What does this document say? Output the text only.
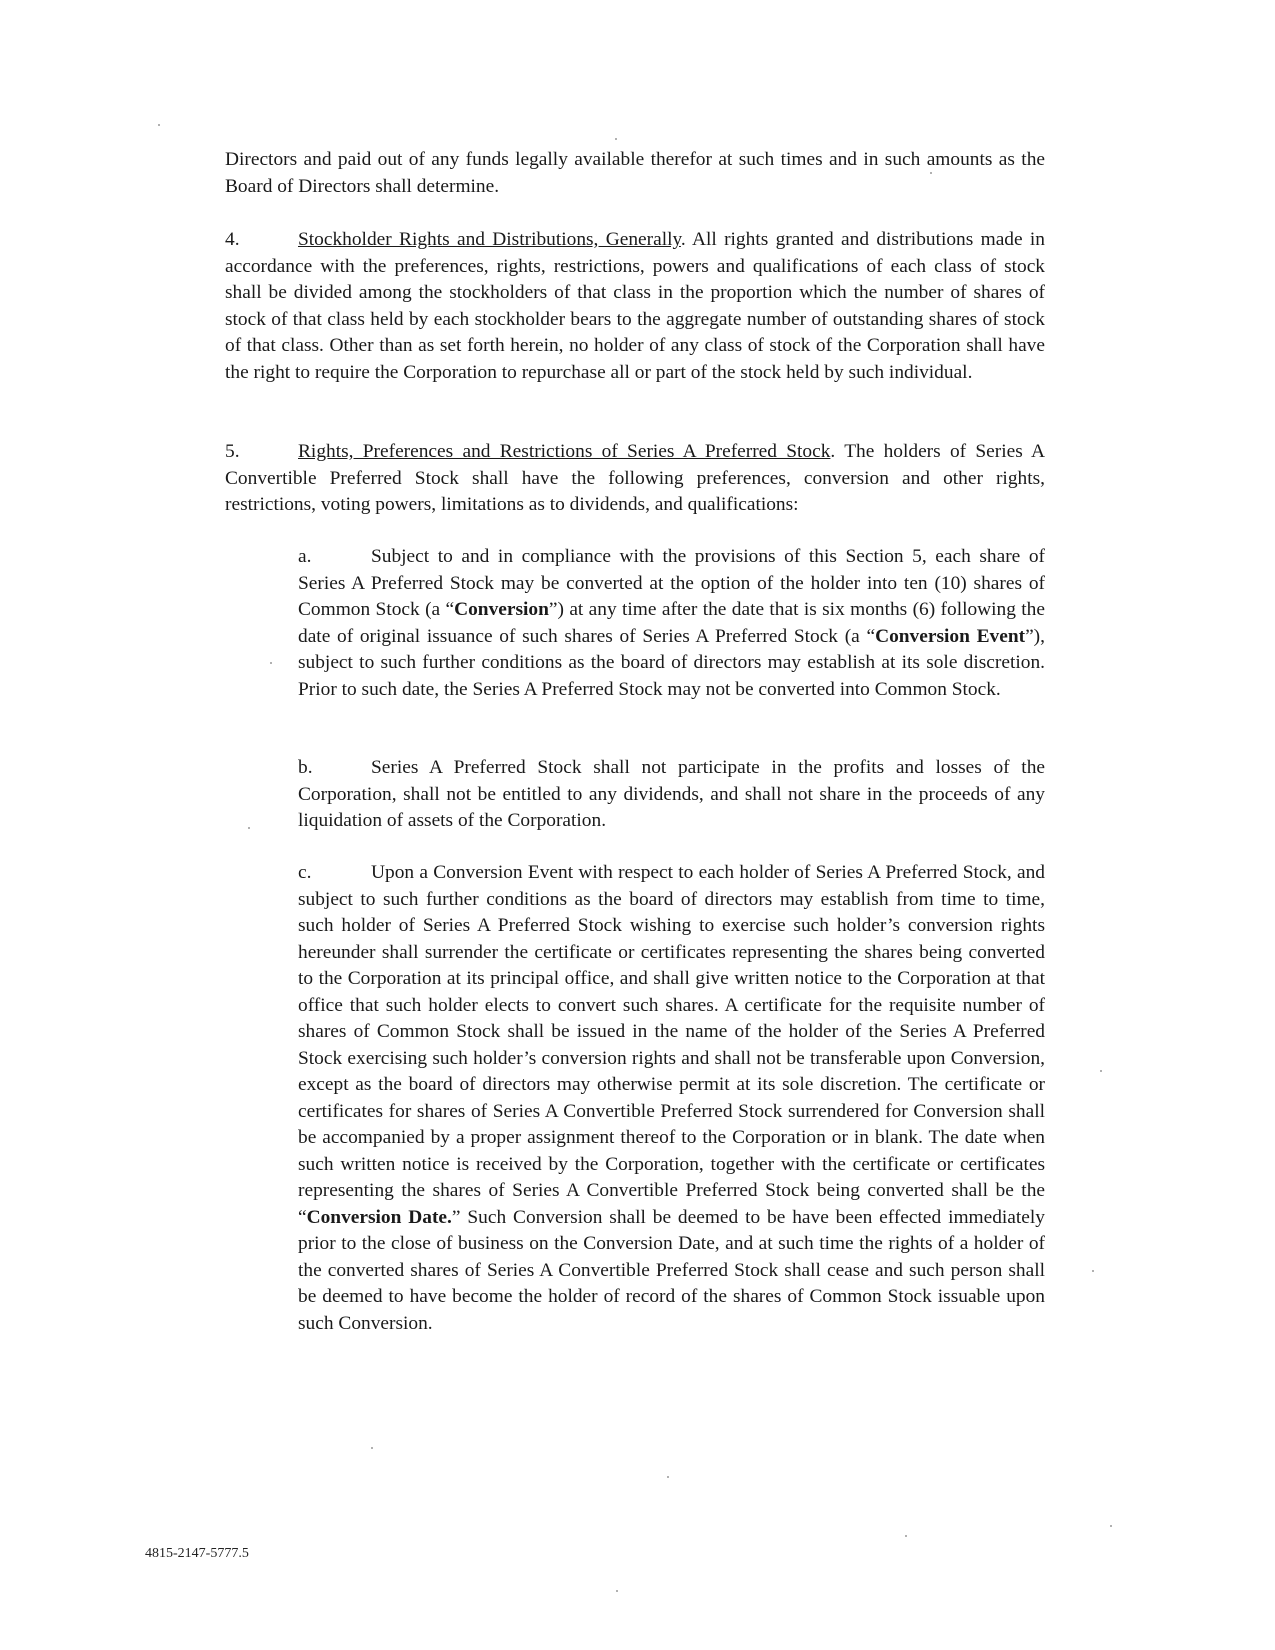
Directors and paid out of any funds legally available therefor at such times and in such amounts as the Board of Directors shall determine.

4.	Stockholder Rights and Distributions, Generally. All rights granted and distributions made in accordance with the preferences, rights, restrictions, powers and qualifications of each class of stock shall be divided among the stockholders of that class in the proportion which the number of shares of stock of that class held by each stockholder bears to the aggregate number of outstanding shares of stock of that class. Other than as set forth herein, no holder of any class of stock of the Corporation shall have the right to require the Corporation to repurchase all or part of the stock held by such individual.

5.	Rights, Preferences and Restrictions of Series A Preferred Stock. The holders of Series A Convertible Preferred Stock shall have the following preferences, conversion and other rights, restrictions, voting powers, limitations as to dividends, and qualifications:

a.	Subject to and in compliance with the provisions of this Section 5, each share of Series A Preferred Stock may be converted at the option of the holder into ten (10) shares of Common Stock (a “Conversion”) at any time after the date that is six months (6) following the date of original issuance of such shares of Series A Preferred Stock (a “Conversion Event”), subject to such further conditions as the board of directors may establish at its sole discretion. Prior to such date, the Series A Preferred Stock may not be converted into Common Stock.

b.	Series A Preferred Stock shall not participate in the profits and losses of the Corporation, shall not be entitled to any dividends, and shall not share in the proceeds of any liquidation of assets of the Corporation.

c.	Upon a Conversion Event with respect to each holder of Series A Preferred Stock, and subject to such further conditions as the board of directors may establish from time to time, such holder of Series A Preferred Stock wishing to exercise such holder’s conversion rights hereunder shall surrender the certificate or certificates representing the shares being converted to the Corporation at its principal office, and shall give written notice to the Corporation at that office that such holder elects to convert such shares. A certificate for the requisite number of shares of Common Stock shall be issued in the name of the holder of the Series A Preferred Stock exercising such holder’s conversion rights and shall not be transferable upon Conversion, except as the board of directors may otherwise permit at its sole discretion. The certificate or certificates for shares of Series A Convertible Preferred Stock surrendered for Conversion shall be accompanied by a proper assignment thereof to the Corporation or in blank. The date when such written notice is received by the Corporation, together with the certificate or certificates representing the shares of Series A Convertible Preferred Stock being converted shall be the “Conversion Date.” Such Conversion shall be deemed to be have been effected immediately prior to the close of business on the Conversion Date, and at such time the rights of a holder of the converted shares of Series A Convertible Preferred Stock shall cease and such person shall be deemed to have become the holder of record of the shares of Common Stock issuable upon such Conversion.

4815-2147-5777.5
